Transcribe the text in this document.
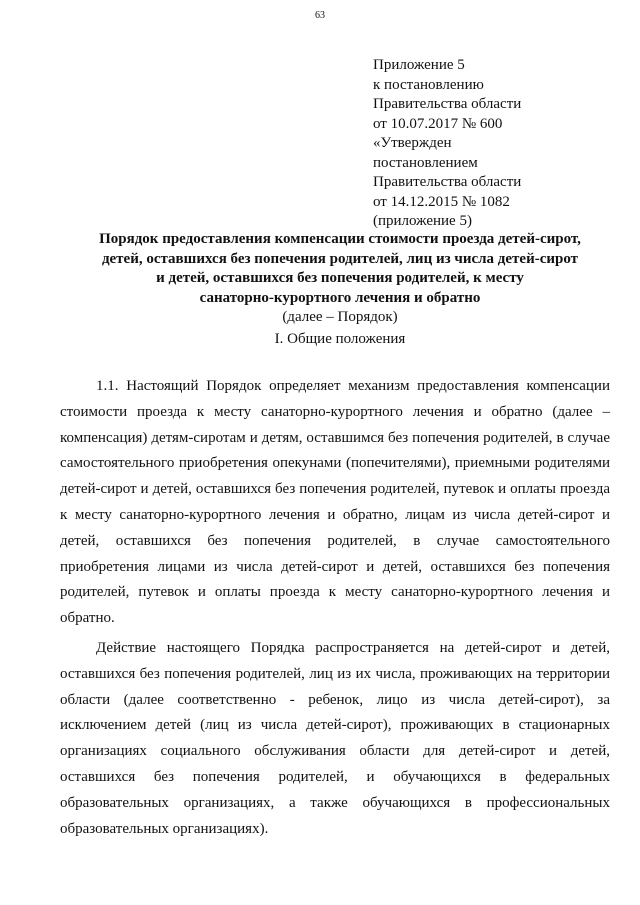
63
Приложение 5
к постановлению
Правительства области
от 10.07.2017 № 600
«Утвержден
постановлением
Правительства области
от 14.12.2015 № 1082
(приложение 5)
Порядок предоставления компенсации стоимости проезда детей-сирот,
детей, оставшихся без попечения родителей, лиц из числа детей-сирот
и детей, оставшихся без попечения родителей, к месту
санаторно-курортного лечения и обратно
(далее – Порядок)
I. Общие положения

1.1. Настоящий Порядок определяет механизм предоставления компенсации стоимости проезда к месту санаторно-курортного лечения и обратно (далее – компенсация) детям-сиротам и детям, оставшимся без попечения родителей, в случае самостоятельного приобретения опекунами (попечителями), приемными родителями детей-сирот и детей, оставшихся без попечения родителей, путевок и оплаты проезда к месту санаторно-курортного лечения и обратно, лицам из числа детей-сирот и детей, оставшихся без попечения родителей, в случае самостоятельного приобретения лицами из числа детей-сирот и детей, оставшихся без попечения родителей, путевок и оплаты проезда к месту санаторно-курортного лечения и обратно.

Действие настоящего Порядка распространяется на детей-сирот и детей, оставшихся без попечения родителей, лиц из их числа, проживающих на территории области (далее соответственно - ребенок, лицо из числа детей-сирот), за исключением детей (лиц из числа детей-сирот), проживающих в стационарных организациях социального обслуживания области для детей-сирот и детей, оставшихся без попечения родителей, и обучающихся в федеральных образовательных организациях, а также обучающихся в профессиональных образовательных организациях).
